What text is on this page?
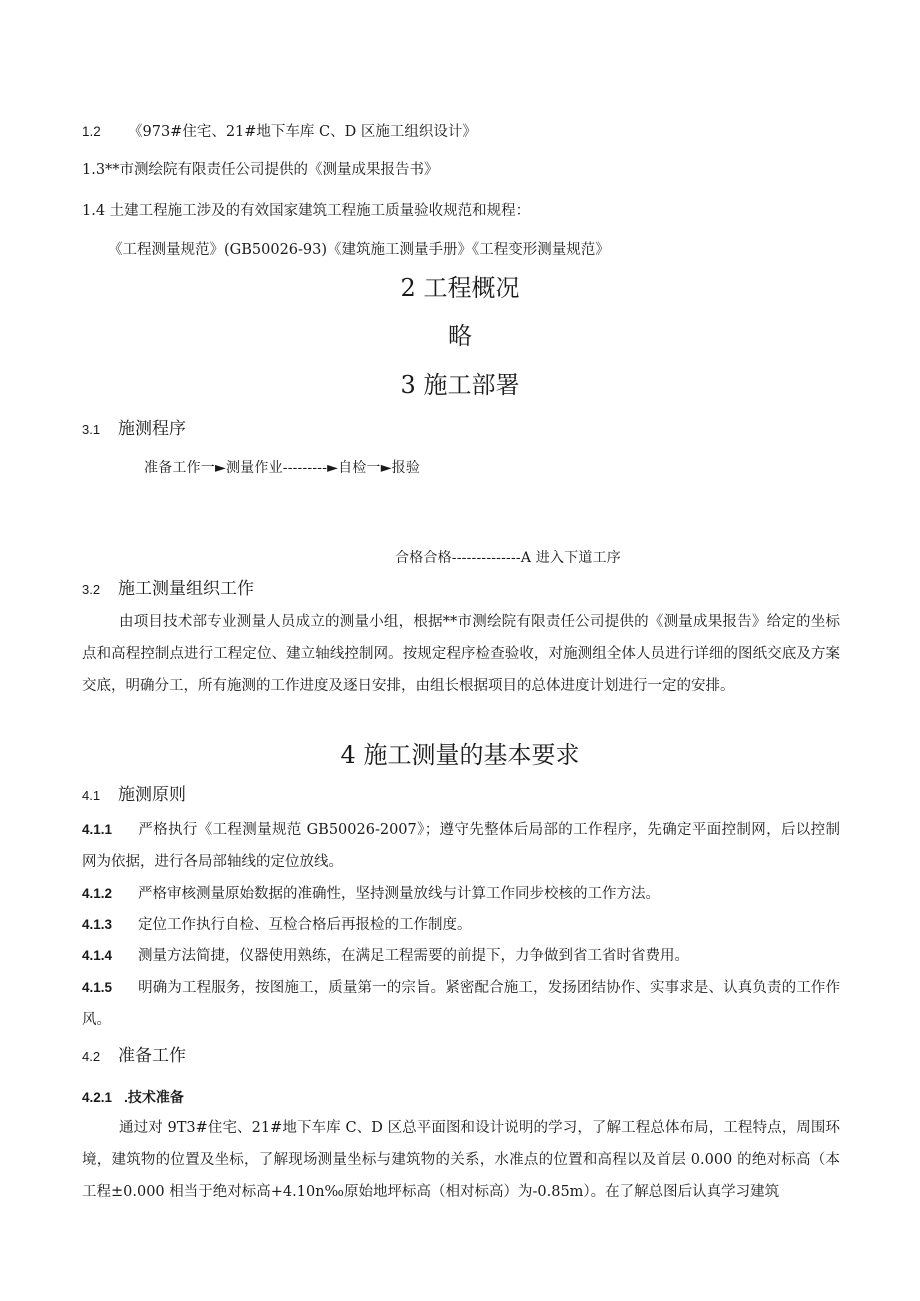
1.2 《973#住宅、21#地下车库 C、D 区施工组织设计》
1.3**市测绘院有限责任公司提供的《测量成果报告书》
1.4 土建工程施工涉及的有效国家建筑工程施工质量验收规范和规程：
《工程测量规范》(GB50026-93)《建筑施工测量手册》《工程变形测量规范》
2 工程概况
略
3 施工部署
3.1 施测程序
准备工作一►测量作业---------►自检一►报验
合格合格--------------A 进入下道工序
3.2 施工测量组织工作
由项目技术部专业测量人员成立的测量小组，根据**市测绘院有限责任公司提供的《测量成果报告》给定的坐标点和高程控制点进行工程定位、建立轴线控制网。按规定程序检查验收，对施测组全体人员进行详细的图纸交底及方案交底，明确分工，所有施测的工作进度及逐日安排，由组长根据项目的总体进度计划进行一定的安排。
4 施工测量的基本要求
4.1 施测原则
4.1.1 严格执行《工程测量规范 GB50026-2007》；遵守先整体后局部的工作程序，先确定平面控制网，后以控制网为依据，进行各局部轴线的定位放线。
4.1.2 严格审核测量原始数据的准确性，坚持测量放线与计算工作同步校核的工作方法。
4.1.3 定位工作执行自检、互检合格后再报检的工作制度。
4.1.4 测量方法简捷，仪器使用熟练，在满足工程需要的前提下，力争做到省工省时省费用。
4.1.5 明确为工程服务，按图施工，质量第一的宗旨。紧密配合施工，发扬团结协作、实事求是、认真负责的工作作风。
4.2 准备工作
4.2.1 .技术准备
通过对 9T3#住宅、21#地下车库 C、D 区总平面图和设计说明的学习，了解工程总体布局，工程特点，周围环境，建筑物的位置及坐标，了解现场测量坐标与建筑物的关系，水准点的位置和高程以及首层 0.000 的绝对标高（本工程±0.000 相当于绝对标高+4.10n‰原始地坪标高（相对标高）为-0.85m）。在了解总图后认真学习建筑
